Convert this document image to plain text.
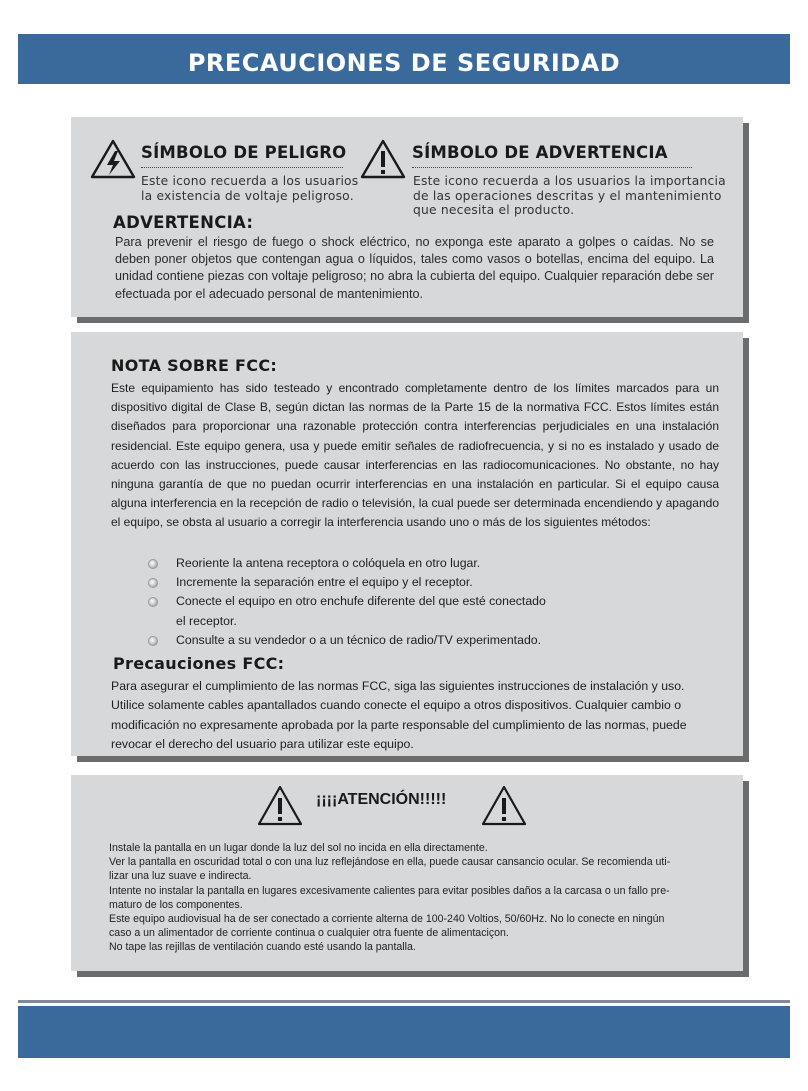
PRECAUCIONES DE SEGURIDAD
SÍMBOLO DE PELIGRO
Este icono recuerda a los usuarios
la existencia de voltaje peligroso.
SÍMBOLO DE ADVERTENCIA
Este icono recuerda a los usuarios la importancia
de las operaciones descritas y el mantenimiento
que necesita el producto.
ADVERTENCIA:
Para prevenir el riesgo de fuego o shock eléctrico, no exponga este aparato a golpes o caídas. No se deben poner objetos que contengan agua o líquidos, tales como vasos o botellas, encima del equipo. La unidad contiene piezas con voltaje peligroso; no abra la cubierta del equipo. Cualquier reparación debe ser efectuada por el adecuado personal de mantenimiento.
NOTA SOBRE FCC:
Este equipamiento has sido testeado y encontrado completamente dentro de los límites marcados para un dispositivo digital de Clase B, según dictan las normas de la Parte 15 de la normativa FCC. Estos límites están diseñados para proporcionar una razonable protección contra interferencias perjudiciales en una instalación residencial. Este equipo genera, usa y puede emitir señales de radiofrecuencia, y si no es instalado y usado de acuerdo con las instrucciones, puede causar interferencias en las radiocomunicaciones. No obstante, no hay ninguna garantía de que no puedan ocurrir interferencias en una instalación en particular. Si el equipo causa alguna interferencia en la recepción de radio o televisión, la cual puede ser determinada encendiendo y apagando el equipo, se obsta al usuario a corregir la interferencia usando uno o más de los siguientes métodos:
Reoriente la antena receptora o colóquela en otro lugar.
Incremente la separación entre el equipo y el receptor.
Conecte el equipo en otro enchufe diferente del que esté conectado
el receptor.
Consulte a su vendedor o a un técnico de radio/TV experimentado.
Precauciones FCC:
Para asegurar el cumplimiento de las normas FCC, siga las siguientes instrucciones de instalación y uso.
Utilice solamente cables apantallados cuando conecte el equipo a otros dispositivos. Cualquier cambio o
modificación no expresamente aprobada por la parte responsable del cumplimiento de las normas, puede
revocar el derecho del usuario para utilizar este equipo.
¡¡¡¡ATENCIÓN!!!!!

Instale la pantalla en un lugar donde la luz del sol no incida en ella directamente.

Ver la pantalla en oscuridad total o con una luz reflejándose en ella, puede causar cansancio ocular. Se recomienda uti-

lizar una luz suave e indirecta.

Intente no instalar la pantalla en lugares excesivamente calientes para evitar posibles daños a la carcasa o un fallo pre-

maturo de los componentes.

Este equipo audiovisual ha de ser conectado a corriente alterna de 100-240 Voltios, 50/60Hz. No lo conecte en ningún

caso a un alimentador de corriente continua o cualquier otra fuente de alimentaciçon.

No tape las rejillas de ventilación cuando esté usando la pantalla.
